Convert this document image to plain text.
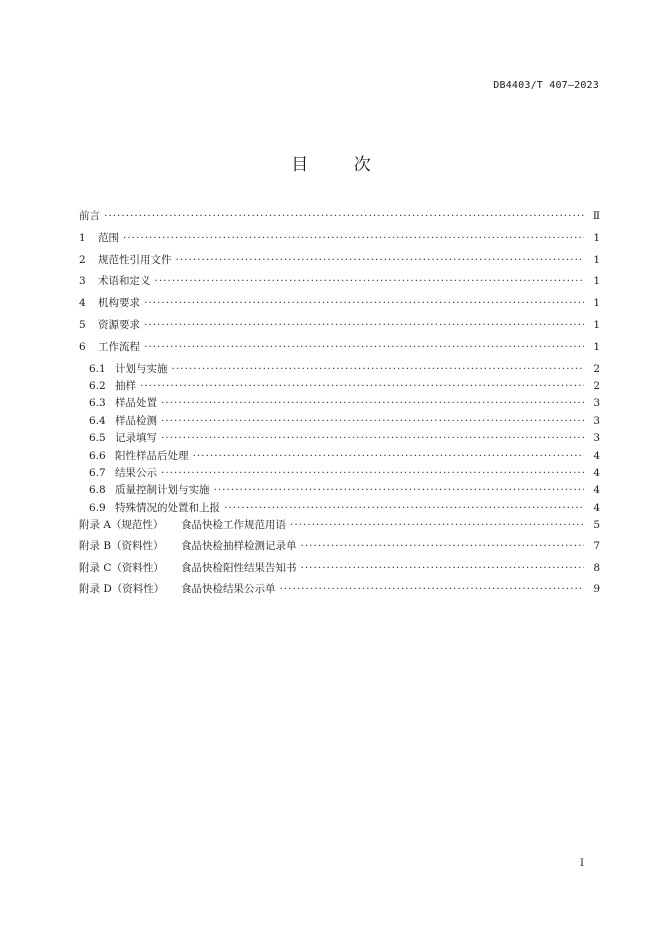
DB4403/T 407—2023
目	次
前言 ·····	Ⅱ
1	范围 ·····	1
2	规范性引用文件 ·····	1
3	术语和定义 ·····	1
4	机构要求 ·····	1
5	资源要求 ·····	1
6	工作流程 ·····	1
6.1 计划与实施 ·····	2
6.2 抽样 ·····	2
6.3 样品处置 ·····	3
6.4 样品检测 ·····	3
6.5 记录填写 ·····	3
6.6 阳性样品后处理 ·····	4
6.7 结果公示 ·····	4
6.8 质量控制计划与实施 ·····	4
6.9 特殊情况的处置和上报 ·····	4
附录 A（规范性）	食品快检工作规范用语 ·····	5
附录 B（资料性）	食品快检抽样检测记录单 ·····	7
附录 C（资料性）	食品快检阳性结果告知书 ·····	8
附录 D（资料性）	食品快检结果公示单 ·····	9
I
